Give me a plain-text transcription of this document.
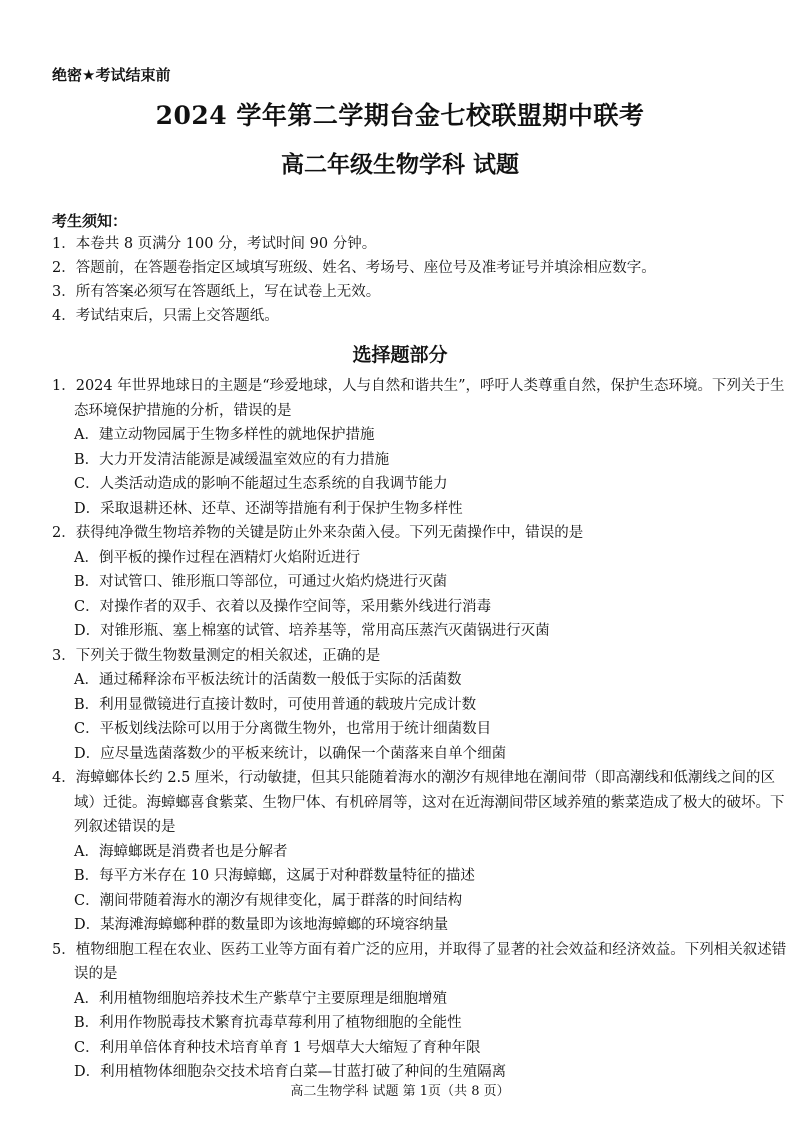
绝密★考试结束前
2024 学年第二学期台金七校联盟期中联考
高二年级生物学科 试题
考生须知：
1．本卷共 8 页满分 100 分，考试时间 90 分钟。
2．答题前，在答题卷指定区域填写班级、姓名、考场号、座位号及准考证号并填涂相应数字。
3．所有答案必须写在答题纸上，写在试卷上无效。
4．考试结束后，只需上交答题纸。
选择题部分
1．2024 年世界地球日的主题是“珍爱地球，人与自然和谐共生”，呼吁人类尊重自然，保护生态环境。下列关于生态环境保护措施的分析，错误的是
A．建立动物园属于生物多样性的就地保护措施
B．大力开发清洁能源是减缓温室效应的有力措施
C．人类活动造成的影响不能超过生态系统的自我调节能力
D．采取退耕还林、还草、还湖等措施有利于保护生物多样性
2．获得纯净微生物培养物的关键是防止外来杂菌入侵。下列无菌操作中，错误的是
A．倒平板的操作过程在酒精灯火焰附近进行
B．对试管口、锥形瓶口等部位，可通过火焰灼烧进行灭菌
C．对操作者的双手、衣着以及操作空间等，采用紫外线进行消毒
D．对锥形瓶、塞上棉塞的试管、培养基等，常用高压蒸汽灭菌锅进行灭菌
3．下列关于微生物数量测定的相关叙述，正确的是
A．通过稀释涂布平板法统计的活菌数一般低于实际的活菌数
B．利用显微镜进行直接计数时，可使用普通的载玻片完成计数
C．平板划线法除可以用于分离微生物外，也常用于统计细菌数目
D．应尽量选菌落数少的平板来统计，以确保一个菌落来自单个细菌
4．海蟑螂体长约 2.5 厘米，行动敏捷，但其只能随着海水的潮汐有规律地在潮间带（即高潮线和低潮线之间的区域）迁徙。海蟑螂喜食紫菜、生物尸体、有机碎屑等，这对在近海潮间带区域养殖的紫菜造成了极大的破坏。下列叙述错误的是
A．海蟑螂既是消费者也是分解者
B．每平方米存在 10 只海蟑螂，这属于对种群数量特征的描述
C．潮间带随着海水的潮汐有规律变化，属于群落的时间结构
D．某海滩海蟑螂种群的数量即为该地海蟑螂的环境容纳量
5．植物细胞工程在农业、医药工业等方面有着广泛的应用，并取得了显著的社会效益和经济效益。下列相关叙述错误的是
A．利用植物细胞培养技术生产紫草宁主要原理是细胞增殖
B．利用作物脱毒技术繁育抗毒草莓利用了植物细胞的全能性
C．利用单倍体育种技术培育单育 1 号烟草大大缩短了育种年限
D．利用植物体细胞杂交技术培育白菜—甘蓝打破了种间的生殖隔离
高二生物学科 试题 第 1页（共 8 页）
